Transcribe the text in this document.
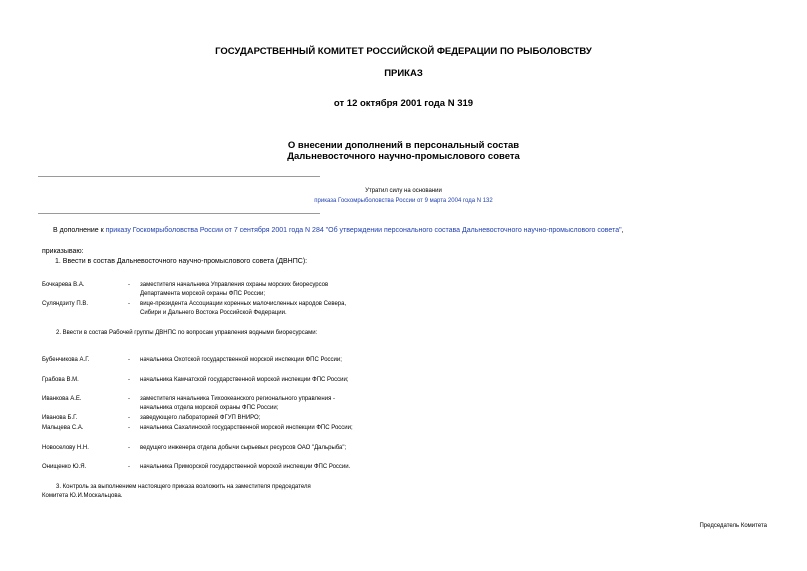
ГОСУДАРСТВЕННЫЙ КОМИТЕТ РОССИЙСКОЙ ФЕДЕРАЦИИ ПО РЫБОЛОВСТВУ
ПРИКАЗ
от 12 октября 2001 года N 319
О внесении дополнений в персональный состав
Дальневосточного научно-промыслового совета
Утратил силу на основании
приказа Госкомрыболовства России от 9 марта 2004 года N 132
В дополнение к приказу Госкомрыболовства России от 7 сентября 2001 года N 284 "Об утверждении персонального состава Дальневосточного научно-промыслового совета",
приказываю:
1. Ввести в состав Дальневосточного научно-промыслового совета (ДВНПС):
Бочкарева В.А.	-	заместителя начальника Управления охраны морских биоресурсов Департамента морской охраны ФПС России;
Суляндзиту П.В.	-	вице-президента Ассоциации коренных малочисленных народов Севера, Сибири и Дальнего Востока Российской Федерации.
2. Ввести в состав Рабочей группы ДВНПС по вопросам управления водными биоресурсами:
Бубенчикова А.Г.	-	начальника Охотской государственной морской инспекции ФПС России;
Грабова В.М.	-	начальника Камчатской государственной морской инспекции ФПС России;
Иванкова А.Е.	-	заместителя начальника Тихоокеанского регионального управления - начальника отдела морской охраны ФПС России;
Иванова Б.Г.	-	заведующего лабораторией ФГУП ВНИРО;
Мальцева С.А.	-	начальника Сахалинской государственной морской инспекции ФПС России;
Новоселову Н.Н.	-	ведущего инженера отдела добычи сырьевых ресурсов ОАО "Дальрыба";
Онищенко Ю.Я.	-	начальника Приморской государственной морской инспекции ФПС России.
3. Контроль за выполнением настоящего приказа возложить на заместителя председателя Комитета Ю.И.Москальцова.
Председатель Комитета
